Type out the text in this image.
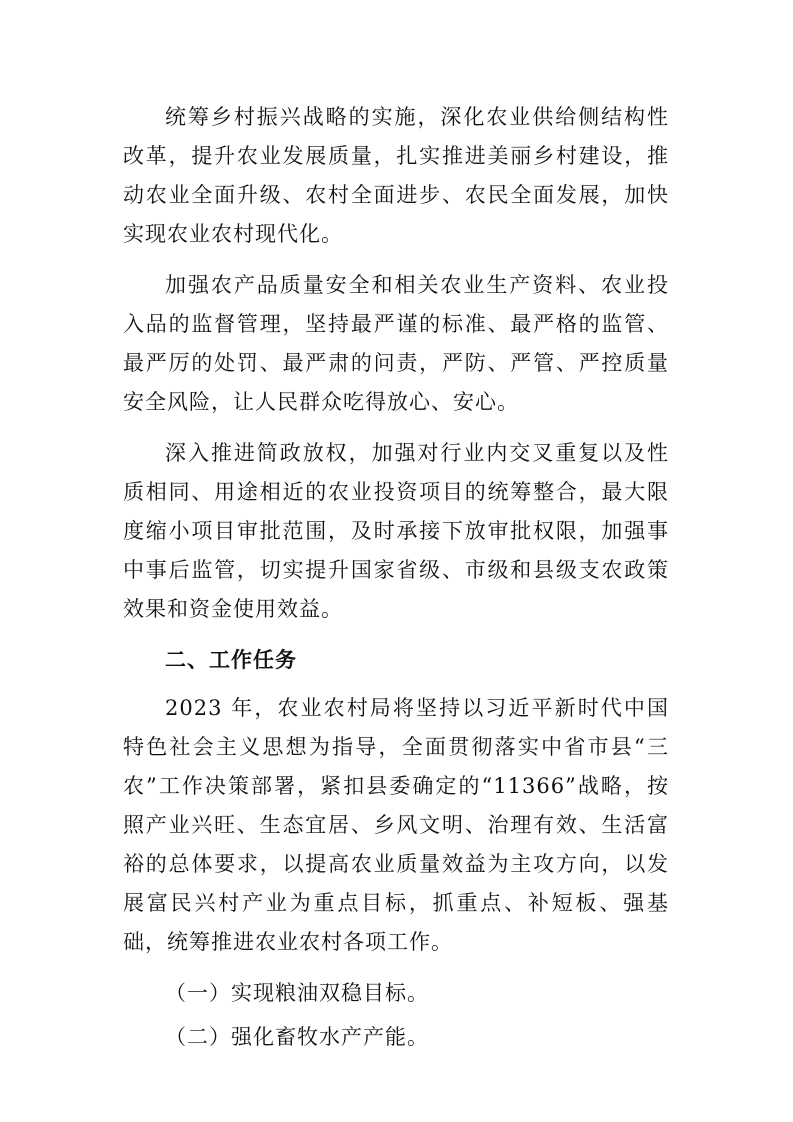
统筹乡村振兴战略的实施，深化农业供给侧结构性改革，提升农业发展质量，扎实推进美丽乡村建设，推动农业全面升级、农村全面进步、农民全面发展，加快实现农业农村现代化。

加强农产品质量安全和相关农业生产资料、农业投入品的监督管理，坚持最严谨的标准、最严格的监管、最严厉的处罚、最严肃的问责，严防、严管、严控质量安全风险，让人民群众吃得放心、安心。

深入推进简政放权，加强对行业内交叉重复以及性质相同、用途相近的农业投资项目的统筹整合，最大限度缩小项目审批范围，及时承接下放审批权限，加强事中事后监管，切实提升国家省级、市级和县级支农政策效果和资金使用效益。

二、工作任务

2023 年，农业农村局将坚持以习近平新时代中国特色社会主义思想为指导，全面贯彻落实中省市县“三农”工作决策部署，紧扣县委确定的“11366”战略，按照产业兴旺、生态宜居、乡风文明、治理有效、生活富裕的总体要求，以提高农业质量效益为主攻方向，以发展富民兴村产业为重点目标，抓重点、补短板、强基础，统筹推进农业农村各项工作。

（一）实现粮油双稳目标。

（二）强化畜牧水产产能。
